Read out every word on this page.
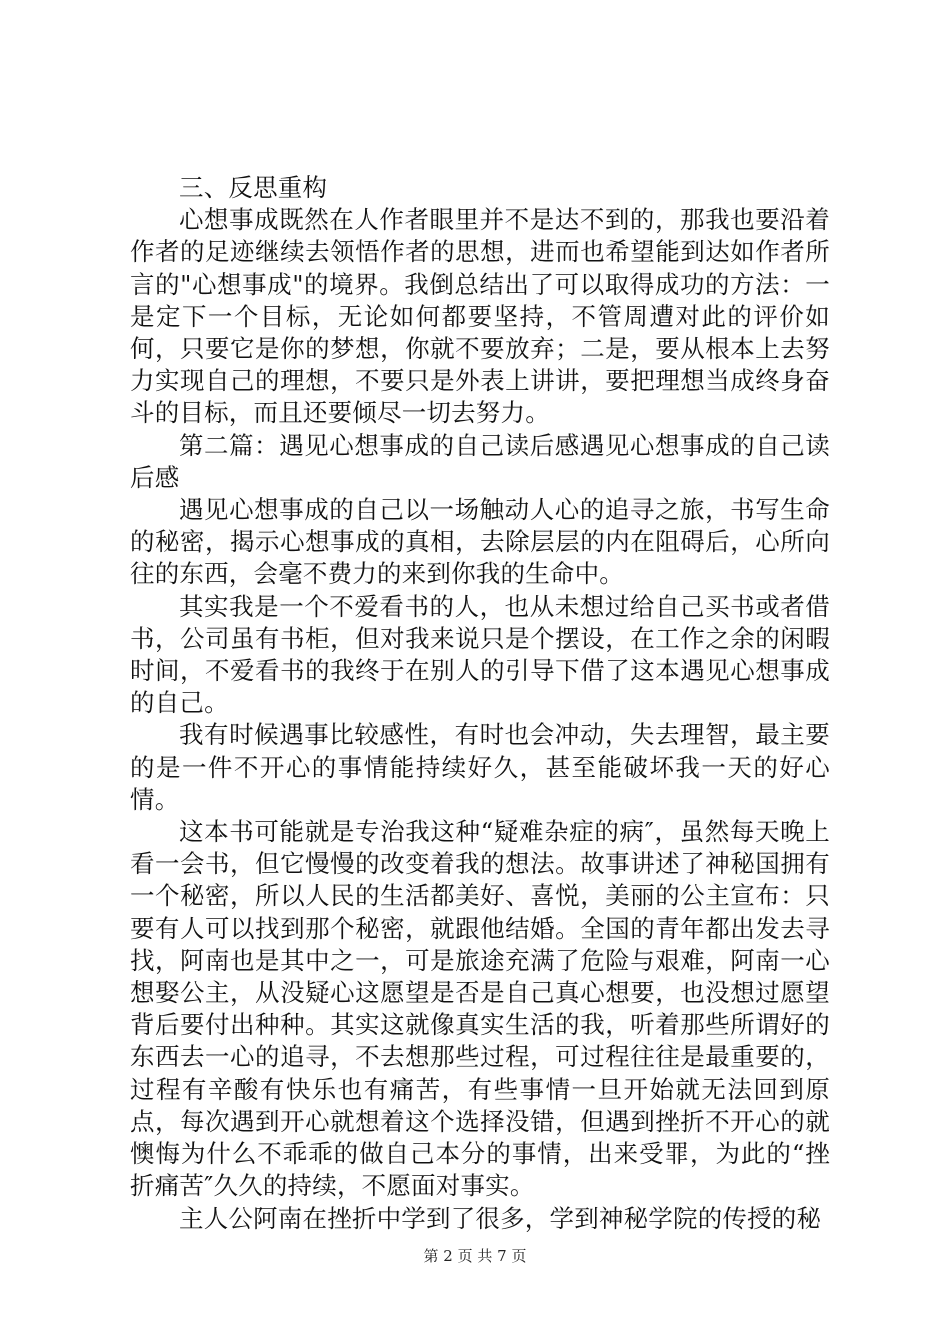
三、反思重构

心想事成既然在人作者眼里并不是达不到的，那我也要沿着作者的足迹继续去领悟作者的思想，进而也希望能到达如作者所言的"心想事成"的境界。我倒总结出了可以取得成功的方法：一是定下一个目标，无论如何都要坚持，不管周遭对此的评价如何，只要它是你的梦想，你就不要放弃；二是，要从根本上去努力实现自己的理想，不要只是外表上讲讲，要把理想当成终身奋斗的目标，而且还要倾尽一切去努力。

第二篇：遇见心想事成的自己读后感遇见心想事成的自己读后感

遇见心想事成的自己以一场触动人心的追寻之旅，书写生命的秘密，揭示心想事成的真相，去除层层的内在阻碍后，心所向往的东西，会毫不费力的来到你我的生命中。

其实我是一个不爱看书的人，也从未想过给自己买书或者借书，公司虽有书柜，但对我来说只是个摆设，在工作之余的闲暇时间，不爱看书的我终于在别人的引导下借了这本遇见心想事成的自己。

我有时候遇事比较感性，有时也会冲动，失去理智，最主要的是一件不开心的事情能持续好久，甚至能破坏我一天的好心情。

这本书可能就是专治我这种“疑难杂症的病″，虽然每天晚上看一会书，但它慢慢的改变着我的想法。故事讲述了神秘国拥有一个秘密，所以人民的生活都美好、喜悦，美丽的公主宣布：只要有人可以找到那个秘密，就跟他结婚。全国的青年都出发去寻找，阿南也是其中之一，可是旅途充满了危险与艰难，阿南一心想娶公主，从没疑心这愿望是否是自己真心想要，也没想过愿望背后要付出种种。其实这就像真实生活的我，听着那些所谓好的东西去一心的追寻，不去想那些过程，可过程往往是最重要的，过程有辛酸有快乐也有痛苦，有些事情一旦开始就无法回到原点，每次遇到开心就想着这个选择没错，但遇到挫折不开心的就懊悔为什么不乖乖的做自己本分的事情，出来受罪，为此的“挫折痛苦″久久的持续，不愿面对事实。

主人公阿南在挫折中学到了很多，学到神秘学院的传授的秘

第 2 页 共 7 页
